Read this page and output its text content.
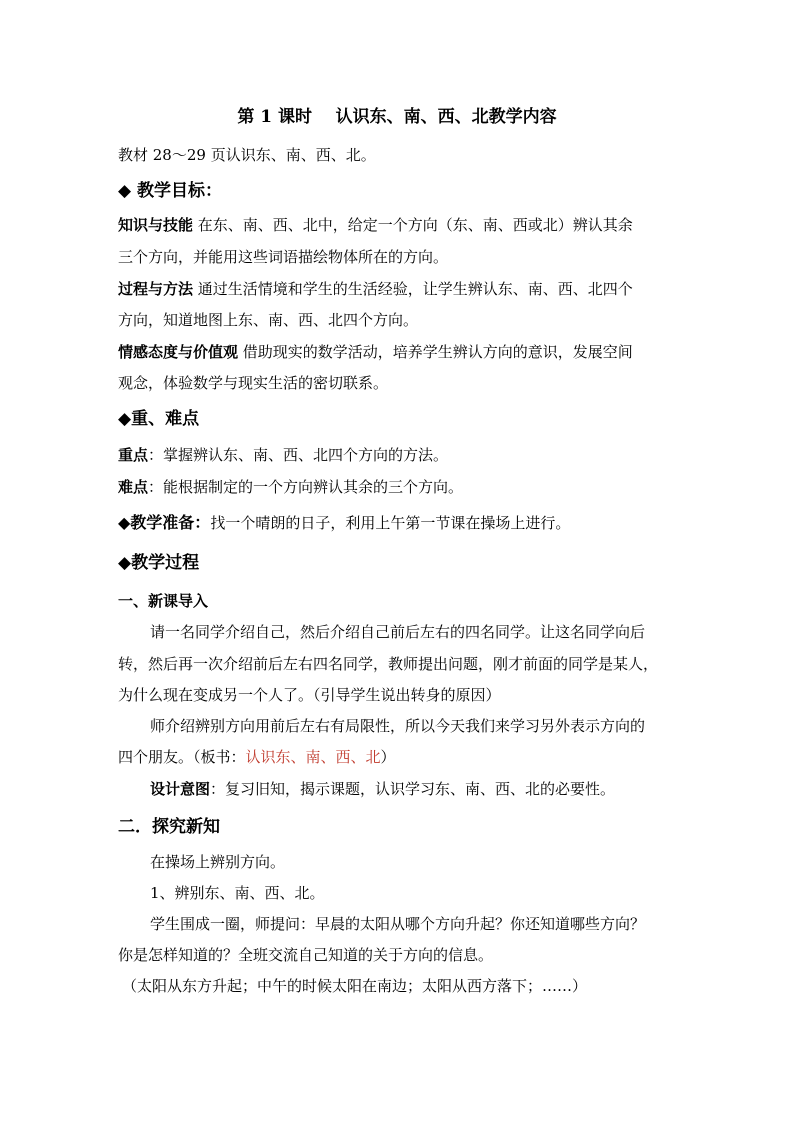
第 1 课时    认识东、南、西、北教学内容
教材 28～29 页认识东、南、西、北。
◆ 教学目标：
知识与技能 在东、南、西、北中，给定一个方向（东、南、西或北）辨认其余
三个方向，并能用这些词语描绘物体所在的方向。
过程与方法 通过生活情境和学生的生活经验，让学生辨认东、南、西、北四个
方向，知道地图上东、南、西、北四个方向。
情感态度与价值观 借助现实的数学活动，培养学生辨认方向的意识，发展空间
观念，体验数学与现实生活的密切联系。
◆重、难点
重点：掌握辨认东、南、西、北四个方向的方法。
难点：能根据制定的一个方向辨认其余的三个方向。
◆教学准备：找一个晴朗的日子，利用上午第一节课在操场上进行。
◆教学过程
一、新课导入
请一名同学介绍自己，然后介绍自己前后左右的四名同学。让这名同学向后
转，然后再一次介绍前后左右四名同学，教师提出问题，刚才前面的同学是某人，
为什么现在变成另一个人了。（引导学生说出转身的原因）
师介绍辨别方向用前后左右有局限性，所以今天我们来学习另外表示方向的
四个朋友。（板书：认识东、南、西、北）
设计意图：复习旧知，揭示课题，认识学习东、南、西、北的必要性。
二．探究新知
在操场上辨别方向。
1、辨别东、南、西、北。
学生围成一圈，师提问：早晨的太阳从哪个方向升起？你还知道哪些方向？
你是怎样知道的？全班交流自己知道的关于方向的信息。
（太阳从东方升起；中午的时候太阳在南边；太阳从西方落下；……）
